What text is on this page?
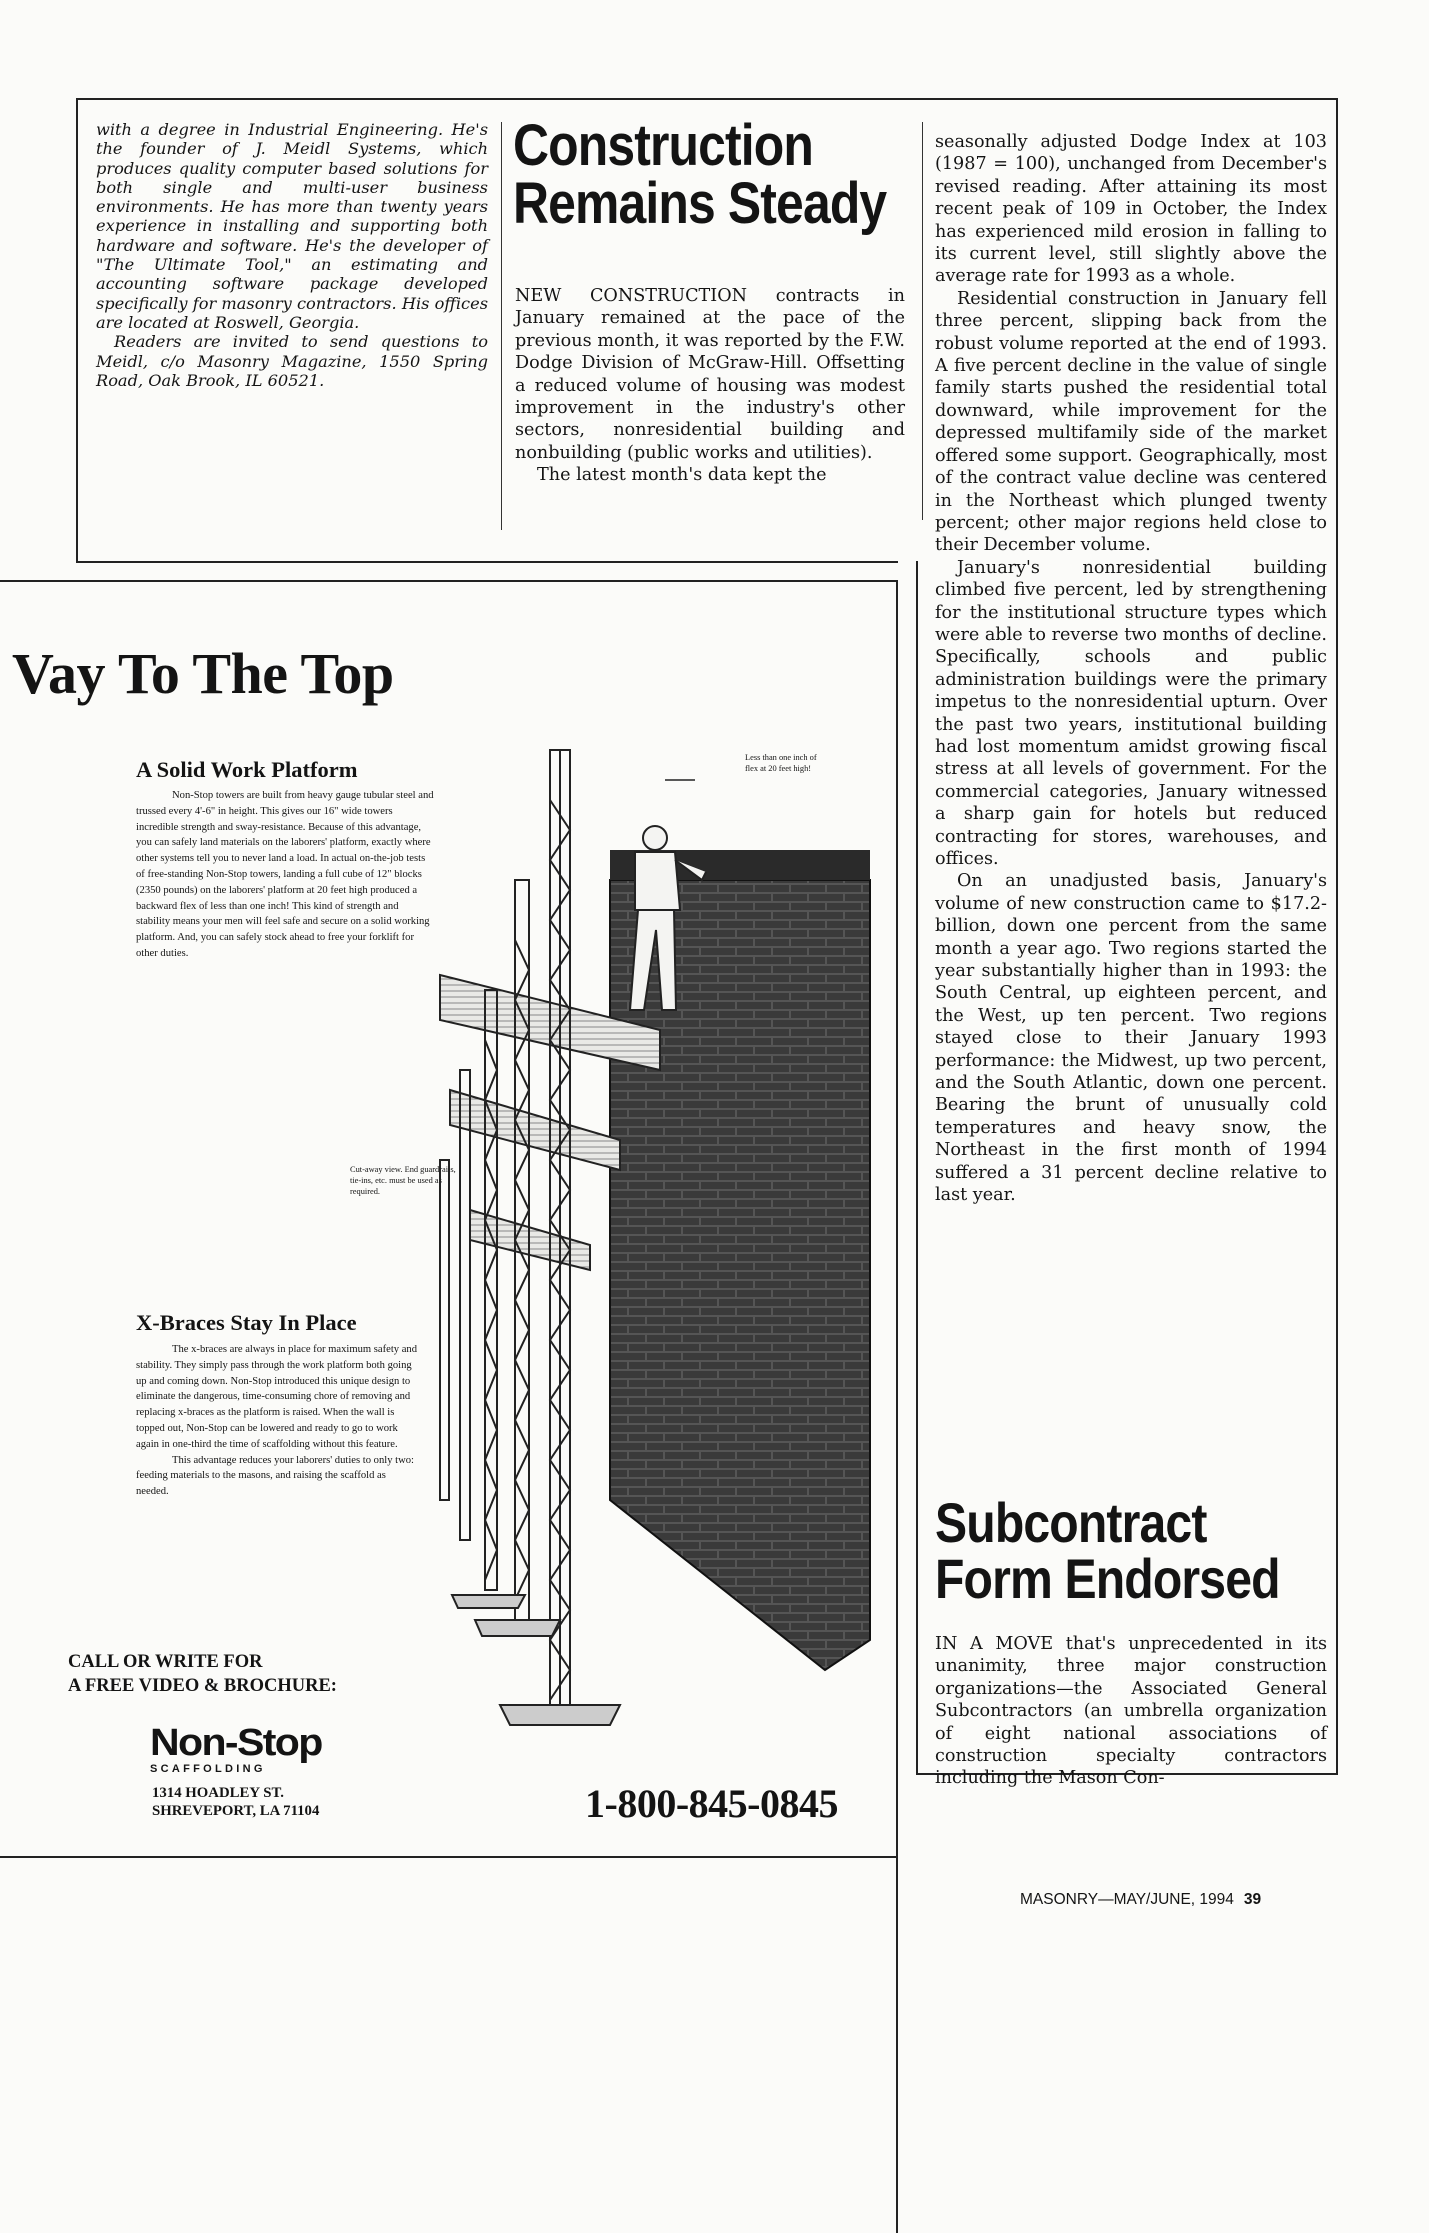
with a degree in Industrial Engineering. He's the founder of J. Meidl Systems, which produces quality computer based solutions for both single and multi-user business environments. He has more than twenty years experience in installing and supporting both hardware and software. He's the developer of "The Ultimate Tool," an estimating and accounting software package developed specifically for masonry contractors. His offices are located at Roswell, Georgia.

Readers are invited to send questions to Meidl, c/o Masonry Magazine, 1550 Spring Road, Oak Brook, IL 60521.

Construction
Remains Steady

NEW CONSTRUCTION contracts in January remained at the pace of the previous month, it was reported by the F.W. Dodge Division of McGraw-Hill. Offsetting a reduced volume of housing was modest improvement in the industry's other sectors, nonresidential building and nonbuilding (public works and utilities).

The latest month's data kept the

seasonally adjusted Dodge Index at 103 (1987 = 100), unchanged from December's revised reading. After attaining its most recent peak of 109 in October, the Index has experienced mild erosion in falling to its current level, still slightly above the average rate for 1993 as a whole.

Residential construction in January fell three percent, slipping back from the robust volume reported at the end of 1993. A five percent decline in the value of single family starts pushed the residential total downward, while improvement for the depressed multifamily side of the market offered some support. Geographically, most of the contract value decline was centered in the Northeast which plunged twenty percent; other major regions held close to their December volume.

January's nonresidential building climbed five percent, led by strengthening for the institutional structure types which were able to reverse two months of decline. Specifically, schools and public administration buildings were the primary impetus to the nonresidential upturn. Over the past two years, institutional building had lost momentum amidst growing fiscal stress at all levels of government. For the commercial categories, January witnessed a sharp gain for hotels but reduced contracting for stores, warehouses, and offices.

On an unadjusted basis, January's volume of new construction came to $17.2-billion, down one percent from the same month a year ago. Two regions started the year substantially higher than in 1993: the South Central, up eighteen percent, and the West, up ten percent. Two regions stayed close to their January 1993 performance: the Midwest, up two percent, and the South Atlantic, down one percent. Bearing the brunt of unusually cold temperatures and heavy snow, the Northeast in the first month of 1994 suffered a 31 percent decline relative to last year.

Subcontract
Form Endorsed

IN A MOVE that's unprecedented in its unanimity, three major construction organizations—the Associated General Subcontractors (an umbrella organization of eight national associations of construction specialty contractors including the Mason Con-

Vay To The Top
A Solid Work Platform

Non-Stop towers are built from heavy gauge tubular steel and trussed every 4'-6" in height. This gives our 16" wide towers incredible strength and sway-resistance. Because of this advantage, you can safely land materials on the laborers' platform, exactly where other systems tell you to never land a load. In actual on-the-job tests of free-standing Non-Stop towers, landing a full cube of 12" blocks (2350 pounds) on the laborers' platform at 20 feet high produced a backward flex of less than one inch! This kind of strength and stability means your men will feel safe and secure on a solid working platform. And, you can safely stock ahead to free your forklift for other duties.

Less than one inch of flex at 20 feet high!
Cut-away view. End guardrails, tie-ins, etc. must be used as required.
X-Braces Stay In Place

The x-braces are always in place for maximum safety and stability. They simply pass through the work platform both going up and coming down. Non-Stop introduced this unique design to eliminate the dangerous, time-consuming chore of removing and replacing x-braces as the platform is raised. When the wall is topped out, Non-Stop can be lowered and ready to go to work again in one-third the time of scaffolding without this feature.

This advantage reduces your laborers' duties to only two: feeding materials to the masons, and raising the scaffold as needed.

CALL OR WRITE FOR
A FREE VIDEO & BROCHURE:
Non-Stop
SCAFFOLDING
1314 HOADLEY ST.
SHREVEPORT, LA 71104	1-800-845-0845
MASONRY—MAY/JUNE, 1994 39
